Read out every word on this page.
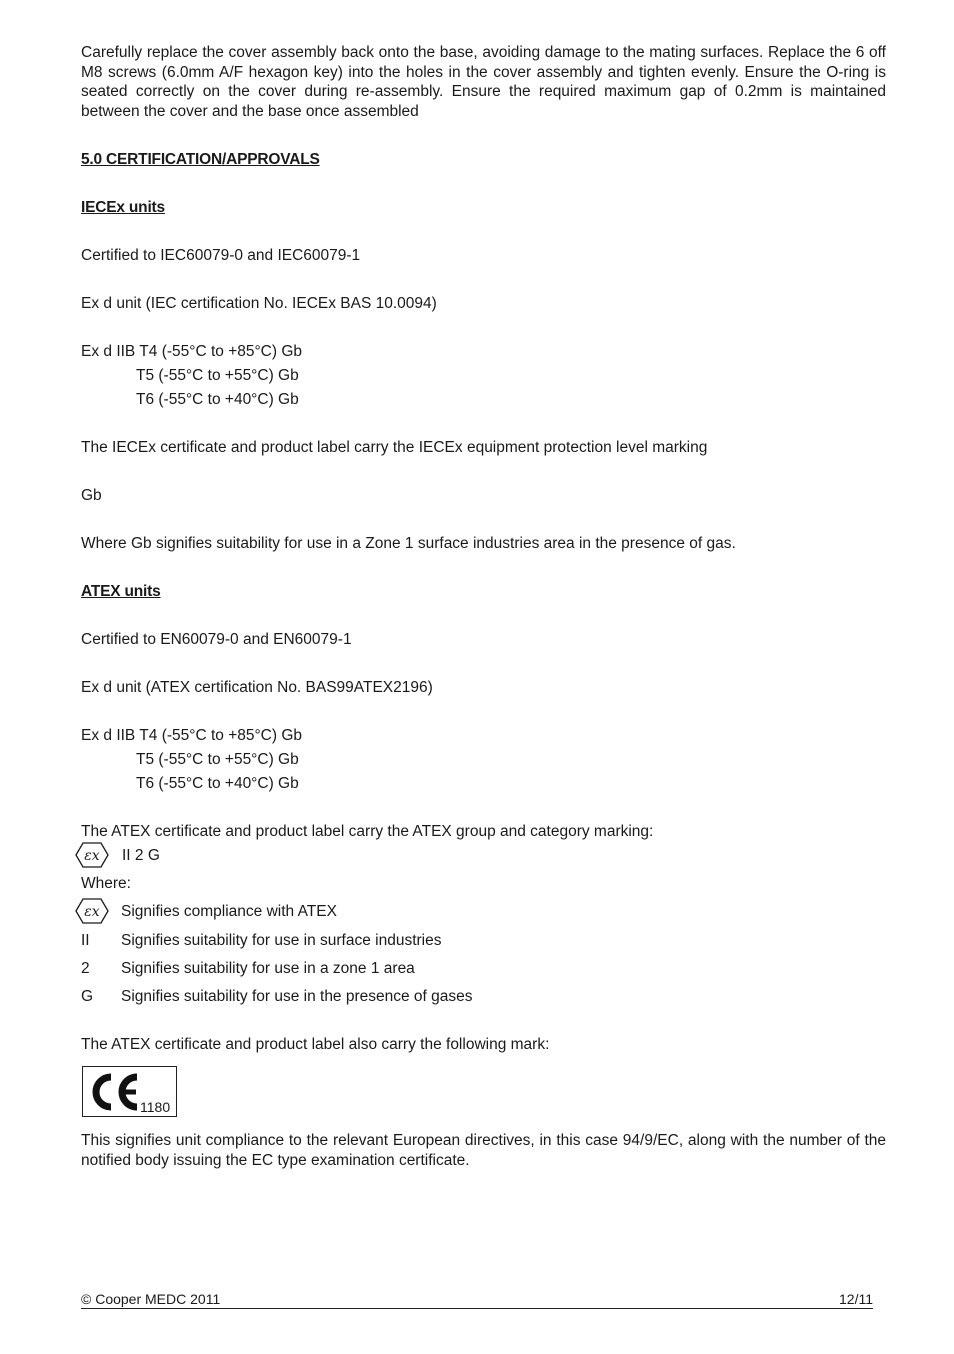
Carefully replace the cover assembly back onto the base, avoiding damage to the mating surfaces. Replace the 6 off M8 screws (6.0mm A/F hexagon key) into the holes in the cover assembly and tighten evenly. Ensure the O-ring is seated correctly on the cover during re-assembly. Ensure the required maximum gap of 0.2mm is maintained between the cover and the base once assembled
5.0 CERTIFICATION/APPROVALS
IECEx units
Certified to IEC60079-0 and IEC60079-1
Ex d unit (IEC certification No. IECEx BAS 10.0094)
Ex d IIB T4 (-55°C to +85°C) Gb
T5 (-55°C to +55°C) Gb
T6 (-55°C to +40°C) Gb
The IECEx certificate and product label carry the IECEx equipment protection level marking
Gb
Where Gb signifies suitability for use in a Zone 1 surface industries area in the presence of gas.
ATEX units
Certified to EN60079-0 and EN60079-1
Ex d unit (ATEX certification No. BAS99ATEX2196)
Ex d IIB T4 (-55°C to +85°C) Gb
T5 (-55°C to +55°C) Gb
T6 (-55°C to +40°C) Gb
The ATEX certificate and product label carry the ATEX group and category marking:
εx II 2 G
Where:
εx Signifies compliance with ATEX
II Signifies suitability for use in surface industries
2 Signifies suitability for use in a zone 1 area
G Signifies suitability for use in the presence of gases
The ATEX certificate and product label also carry the following mark:
1180
This signifies unit compliance to the relevant European directives, in this case 94/9/EC, along with the number of the notified body issuing the EC type examination certificate.
© Cooper MEDC 2011	12/11
